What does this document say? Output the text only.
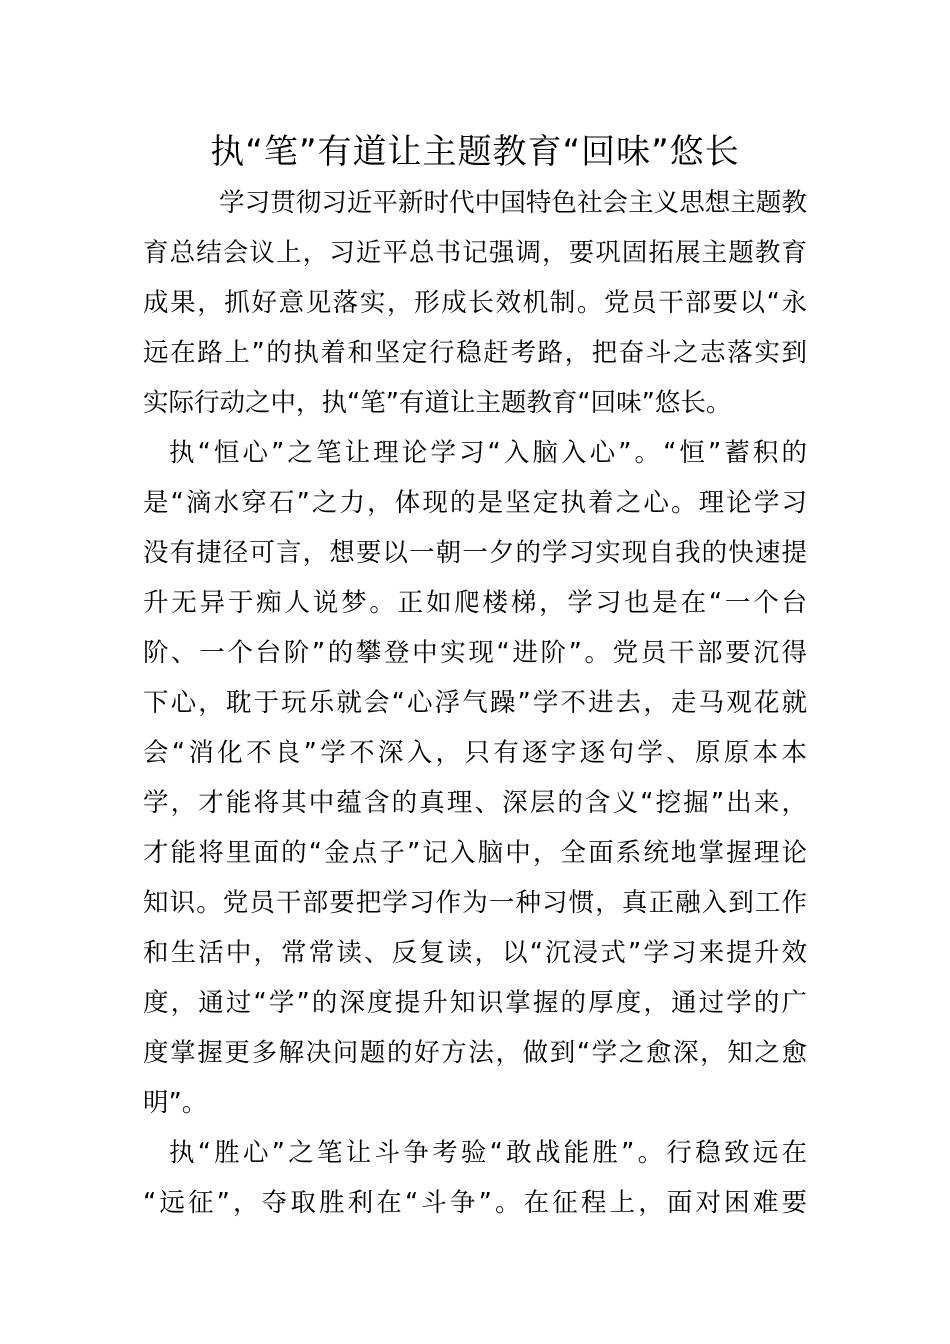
执“笔”有道让主题教育“回味”悠长
学习贯彻习近平新时代中国特色社会主义思想主题教
育总结会议上，习近平总书记强调，要巩固拓展主题教育
成果，抓好意见落实，形成长效机制。党员干部要以“永
远在路上”的执着和坚定行稳赶考路，把奋斗之志落实到
实际行动之中，执“笔”有道让主题教育“回味”悠长。
执“恒心”之笔让理论学习“入脑入心”。“恒”蓄积的
是“滴水穿石”之力，体现的是坚定执着之心。理论学习
没有捷径可言，想要以一朝一夕的学习实现自我的快速提
升无异于痴人说梦。正如爬楼梯，学习也是在“一个台
阶、一个台阶”的攀登中实现“进阶”。党员干部要沉得
下心，耽于玩乐就会“心浮气躁”学不进去，走马观花就
会“消化不良”学不深入，只有逐字逐句学、原原本本
学，才能将其中蕴含的真理、深层的含义“挖掘”出来，
才能将里面的“金点子”记入脑中，全面系统地掌握理论
知识。党员干部要把学习作为一种习惯，真正融入到工作
和生活中，常常读、反复读，以“沉浸式”学习来提升效
度，通过“学”的深度提升知识掌握的厚度，通过学的广
度掌握更多解决问题的好方法，做到“学之愈深，知之愈
明”。
执“胜心”之笔让斗争考验“敢战能胜”。行稳致远在
“远征”，夺取胜利在“斗争”。在征程上，面对困难要
